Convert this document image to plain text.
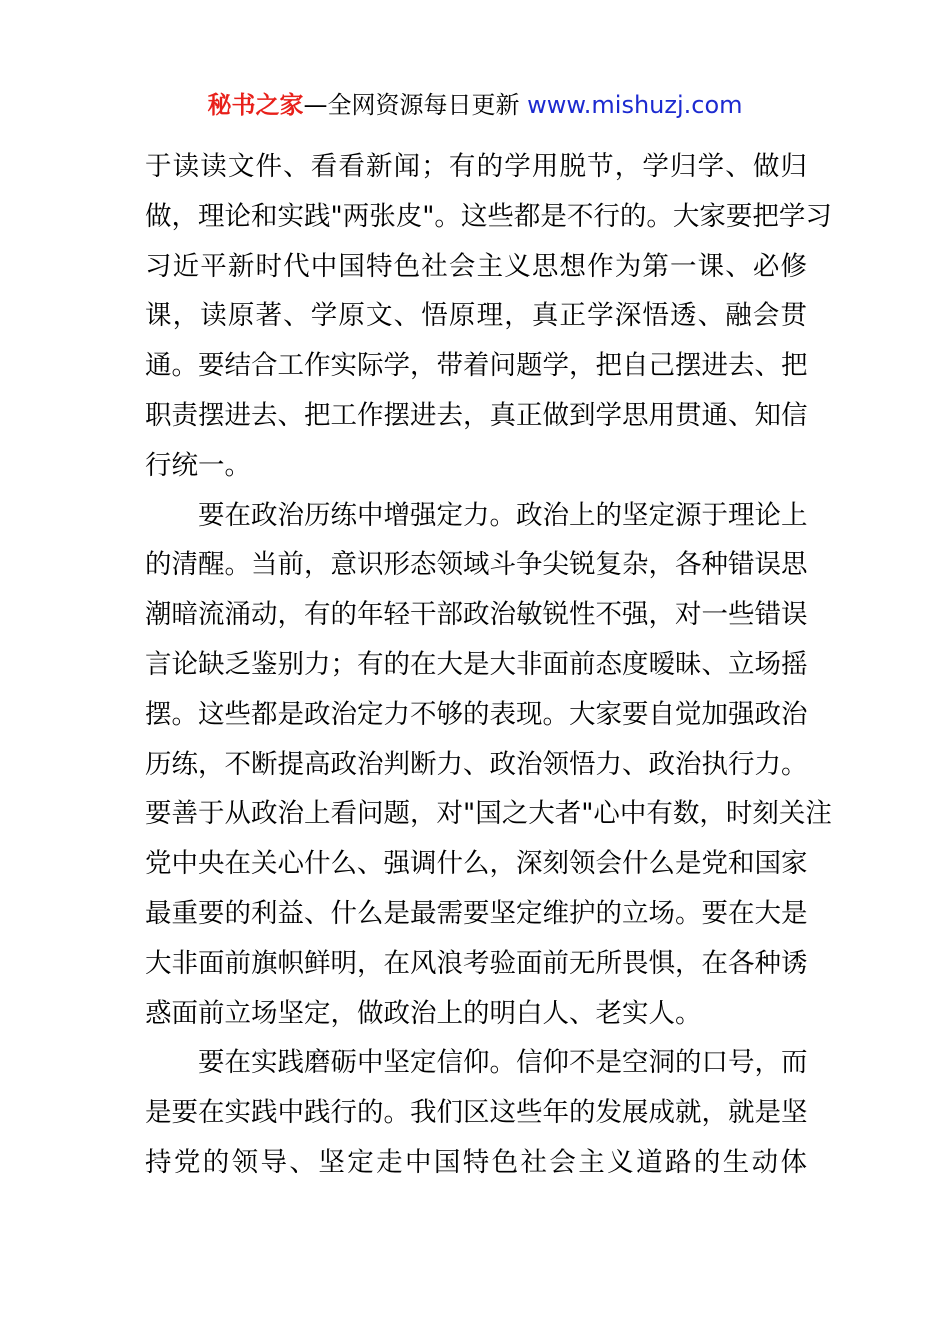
秘书之家—全网资源每日更新 www.mishuzj.com
于读读文件、看看新闻；有的学用脱节，学归学、做归
做，理论和实践"两张皮"。这些都是不行的。大家要把学习
习近平新时代中国特色社会主义思想作为第一课、必修
课，读原著、学原文、悟原理，真正学深悟透、融会贯
通。要结合工作实际学，带着问题学，把自己摆进去、把
职责摆进去、把工作摆进去，真正做到学思用贯通、知信
行统一。
　　要在政治历练中增强定力。政治上的坚定源于理论上
的清醒。当前，意识形态领域斗争尖锐复杂，各种错误思
潮暗流涌动，有的年轻干部政治敏锐性不强，对一些错误
言论缺乏鉴别力；有的在大是大非面前态度暧昧、立场摇
摆。这些都是政治定力不够的表现。大家要自觉加强政治
历练，不断提高政治判断力、政治领悟力、政治执行力。
要善于从政治上看问题，对"国之大者"心中有数，时刻关注
党中央在关心什么、强调什么，深刻领会什么是党和国家
最重要的利益、什么是最需要坚定维护的立场。要在大是
大非面前旗帜鲜明，在风浪考验面前无所畏惧，在各种诱
惑面前立场坚定，做政治上的明白人、老实人。
　　要在实践磨砺中坚定信仰。信仰不是空洞的口号，而
是要在实践中践行的。我们区这些年的发展成就，就是坚
持党的领导、坚定走中国特色社会主义道路的生动体
